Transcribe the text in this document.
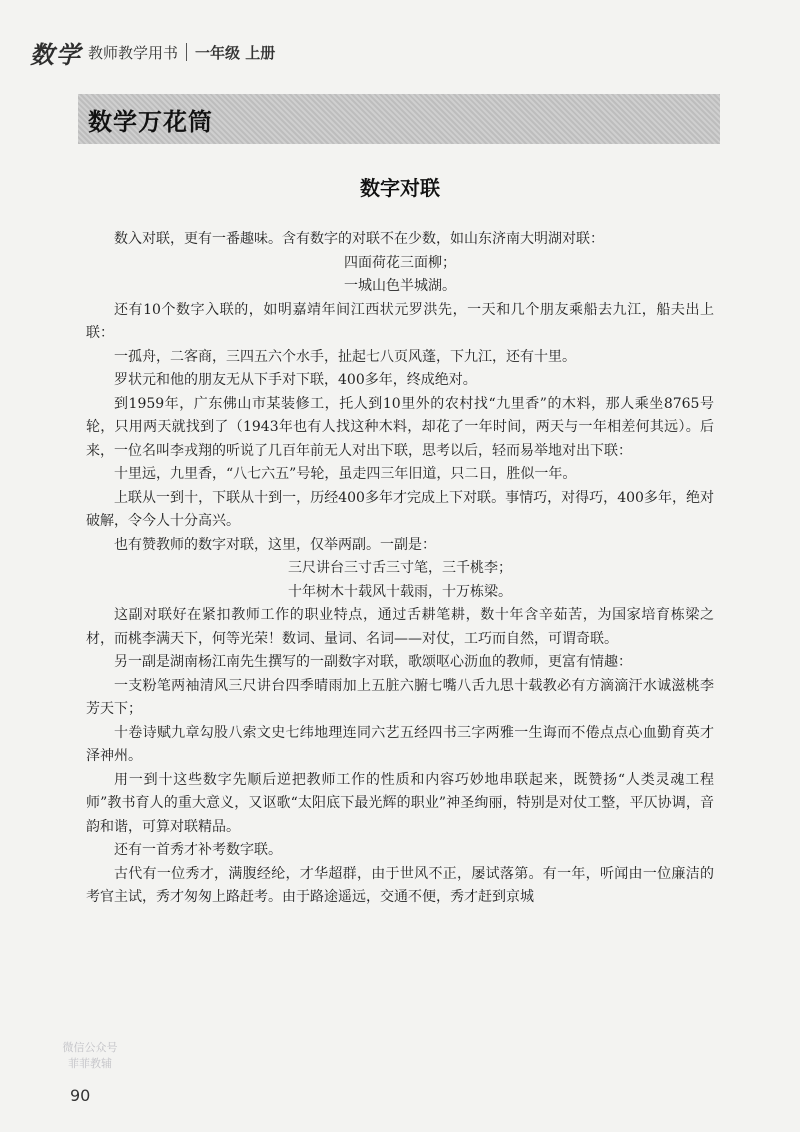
数学 教师教学用书 一年级 上册
数学万花筒
数字对联

数入对联，更有一番趣味。含有数字的对联不在少数，如山东济南大明湖对联：

四面荷花三面柳；

一城山色半城湖。

还有10个数字入联的，如明嘉靖年间江西状元罗洪先，一天和几个朋友乘船去九江，船夫出上联：

一孤舟，二客商，三四五六个水手，扯起七八页风蓬，下九江，还有十里。

罗状元和他的朋友无从下手对下联，400多年，终成绝对。

到1959年，广东佛山市某装修工，托人到10里外的农村找“九里香”的木料，那人乘坐8765号轮，只用两天就找到了（1943年也有人找这种木料，却花了一年时间，两天与一年相差何其远）。后来，一位名叫李戎翔的听说了几百年前无人对出下联，思考以后，轻而易举地对出下联：

十里远，九里香，“八七六五”号轮，虽走四三年旧道，只二日，胜似一年。

上联从一到十，下联从十到一，历经400多年才完成上下对联。事情巧，对得巧，400多年，绝对破解，令今人十分高兴。

也有赞教师的数字对联，这里，仅举两副。一副是：

三尺讲台三寸舌三寸笔，三千桃李；

十年树木十载风十载雨，十万栋梁。

这副对联好在紧扣教师工作的职业特点，通过舌耕笔耕，数十年含辛茹苦，为国家培育栋梁之材，而桃李满天下，何等光荣！数词、量词、名词——对仗，工巧而自然，可谓奇联。

另一副是湖南杨江南先生撰写的一副数字对联，歌颂呕心沥血的教师，更富有情趣：

一支粉笔两袖清风三尺讲台四季晴雨加上五脏六腑七嘴八舌九思十载教必有方滴滴汗水诚滋桃李芳天下；

十卷诗赋九章勾股八索文史七纬地理连同六艺五经四书三字两雅一生诲而不倦点点心血勤育英才泽神州。

用一到十这些数字先顺后逆把教师工作的性质和内容巧妙地串联起来，既赞扬“人类灵魂工程师”教书育人的重大意义，又讴歌“太阳底下最光辉的职业”神圣绚丽，特别是对仗工整，平仄协调，音韵和谐，可算对联精品。

还有一首秀才补考数字联。

古代有一位秀才，满腹经纶，才华超群，由于世风不正，屡试落第。有一年，听闻由一位廉洁的考官主试，秀才匆匆上路赶考。由于路途遥远，交通不便，秀才赶到京城

微信公众号
菲菲教辅
90
